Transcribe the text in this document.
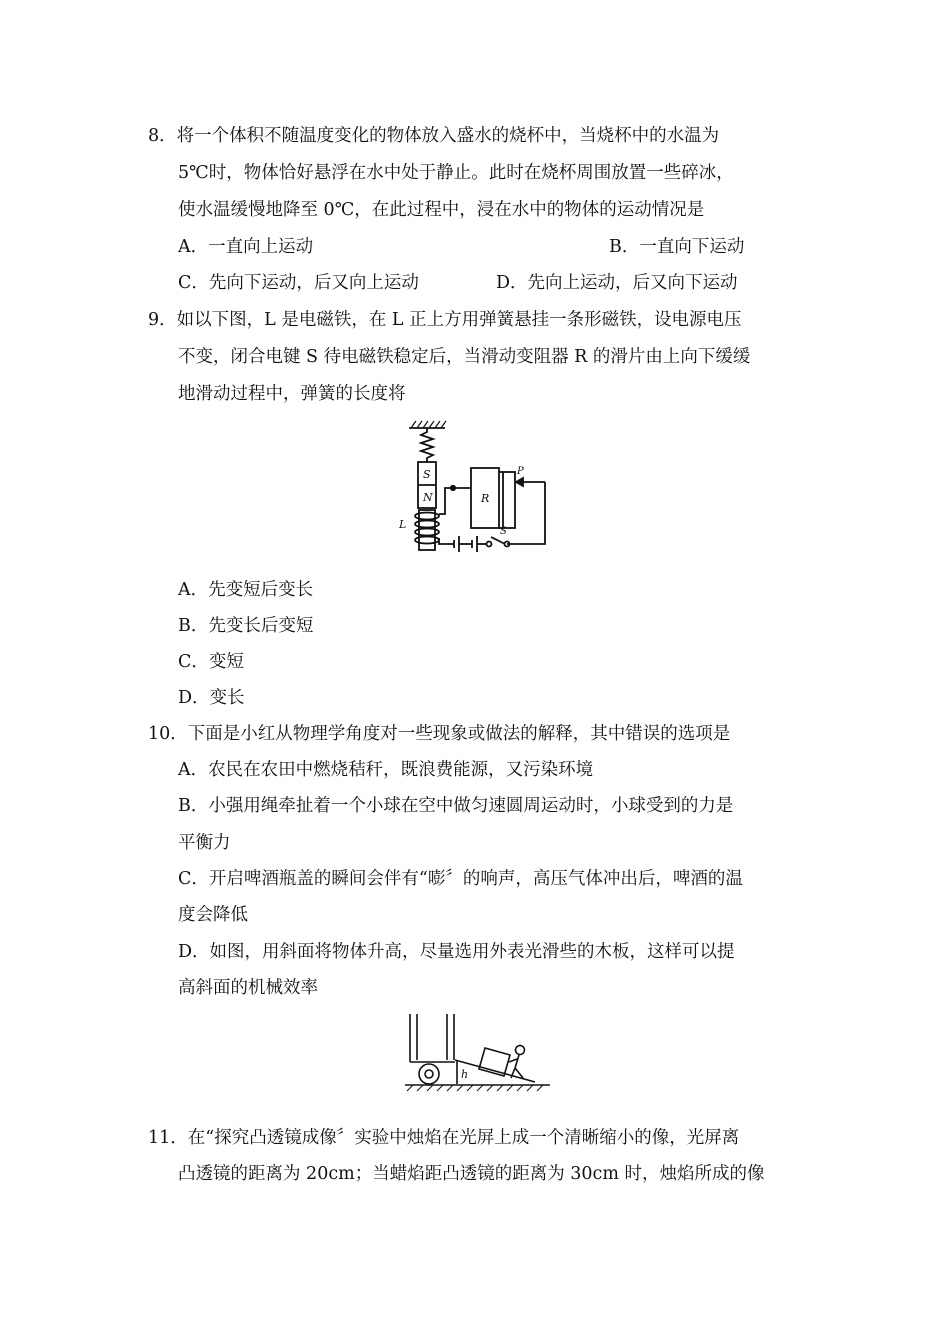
8．将一个体积不随温度变化的物体放入盛水的烧杯中，当烧杯中的水温为
5℃时，物体恰好悬浮在水中处于静止。此时在烧杯周围放置一些碎冰，
使水温缓慢地降至 0℃，在此过程中，浸在水中的物体的运动情况是
A．一直向上运动	B．一直向下运动
C．先向下运动，后又向上运动	D．先向上运动，后又向下运动
9．如以下图，L 是电磁铁，在 L 正上方用弹簧悬挂一条形磁铁，设电源电压
不变，闭合电键 S 待电磁铁稳定后，当滑动变阻器 R 的滑片由上向下缓缓
地滑动过程中，弹簧的长度将
S
N
L
R
P
S
A．先变短后变长
B．先变长后变短
C．变短
D．变长
10．下面是小红从物理学角度对一些现象或做法的解释，其中错误的选项是
A．农民在农田中燃烧秸秆，既浪费能源，又污染环境
B．小强用绳牵扯着一个小球在空中做匀速圆周运动时，小球受到的力是
平衡力
C．开启啤酒瓶盖的瞬间会伴有“嘭〞的响声，高压气体冲出后，啤酒的温
度会降低
D．如图，用斜面将物体升高，尽量选用外表光滑些的木板，这样可以提
高斜面的机械效率
h
11．在“探究凸透镜成像〞实验中烛焰在光屏上成一个清晰缩小的像，光屏离
凸透镜的距离为 20cm；当蜡焰距凸透镜的距离为 30cm 时，烛焰所成的像
